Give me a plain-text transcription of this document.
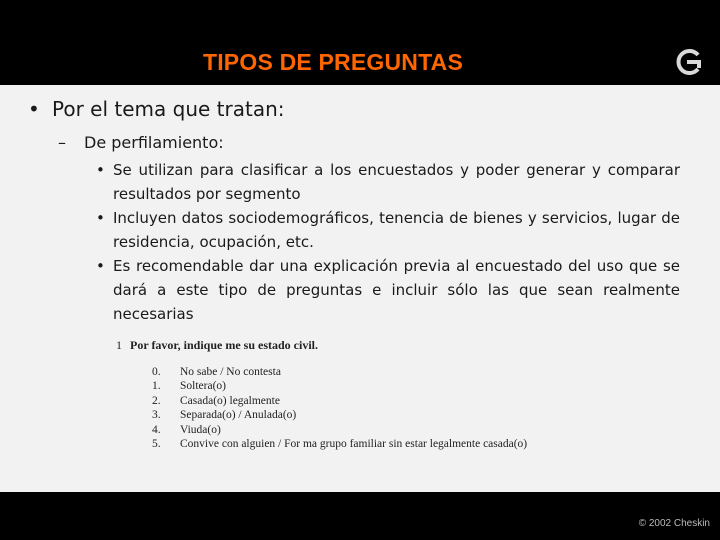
TIPOS DE PREGUNTAS
• Por el tema que tratan:
– De perfilamiento:
• Se utilizan para clasificar a los encuestados y poder generar y comparar resultados por segmento
• Incluyen datos sociodemográficos, tenencia de bienes y servicios, lugar de residencia, ocupación, etc.
• Es recomendable dar una explicación previa al encuestado del uso que se dará a este tipo de preguntas e incluir sólo las que sean realmente necesarias
1 Por favor, indique me su estado civil.
0. No sabe / No contesta
1. Soltera(o)
2. Casada(o) legalmente
3. Separada(o) / Anulada(o)
4. Viuda(o)
5. Convive con alguien / For ma grupo familiar sin estar legalmente casada(o)
© 2002 Cheskin
